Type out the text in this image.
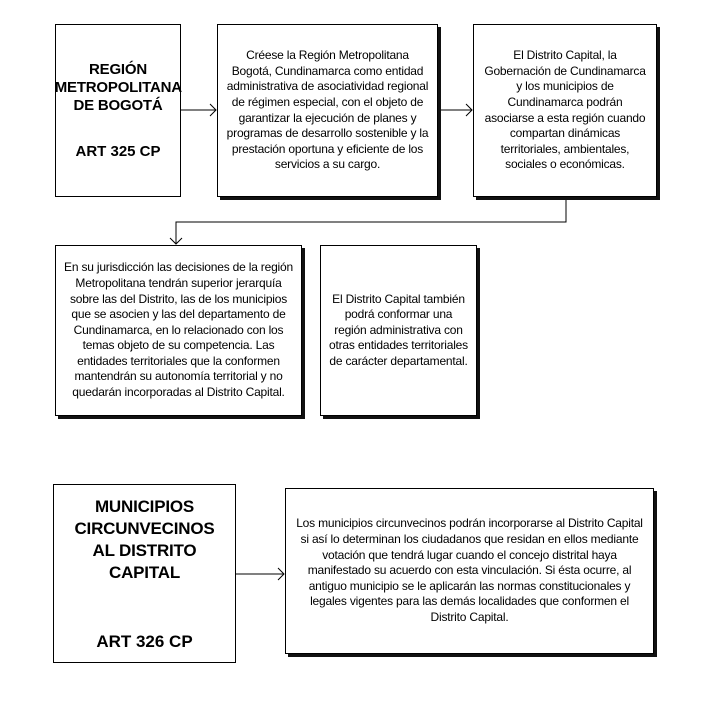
REGIÓN METROPOLITANA DE BOGOTÁ
ART 325 CP
Créese la Región Metropolitana Bogotá, Cundinamarca como entidad administrativa de asociatividad regional de régimen especial, con el objeto de garantizar la ejecución de planes y programas de desarrollo sostenible y la prestación oportuna y eficiente de los servicios a su cargo.
El Distrito Capital, la Gobernación de Cundinamarca y los municipios de Cundinamarca podrán asociarse a esta región cuando compartan dinámicas territoriales, ambientales, sociales o económicas.
En su jurisdicción las decisiones de la región Metropolitana tendrán superior jerarquía sobre las del Distrito, las de los municipios que se asocien y las del departamento de Cundinamarca, en lo relacionado con los temas objeto de su competencia. Las entidades territoriales que la conformen mantendrán su autonomía territorial y no quedarán incorporadas al Distrito Capital.
El Distrito Capital también podrá conformar una región administrativa con otras entidades territoriales de carácter departamental.
MUNICIPIOS CIRCUNVECINOS AL DISTRITO CAPITAL
ART 326 CP
Los municipios circunvecinos podrán incorporarse al Distrito Capital si así lo determinan los ciudadanos que residan en ellos mediante votación que tendrá lugar cuando el concejo distrital haya manifestado su acuerdo con esta vinculación. Si ésta ocurre, al antiguo municipio se le aplicarán las normas constitucionales y legales vigentes para las demás localidades que conformen el Distrito Capital.
